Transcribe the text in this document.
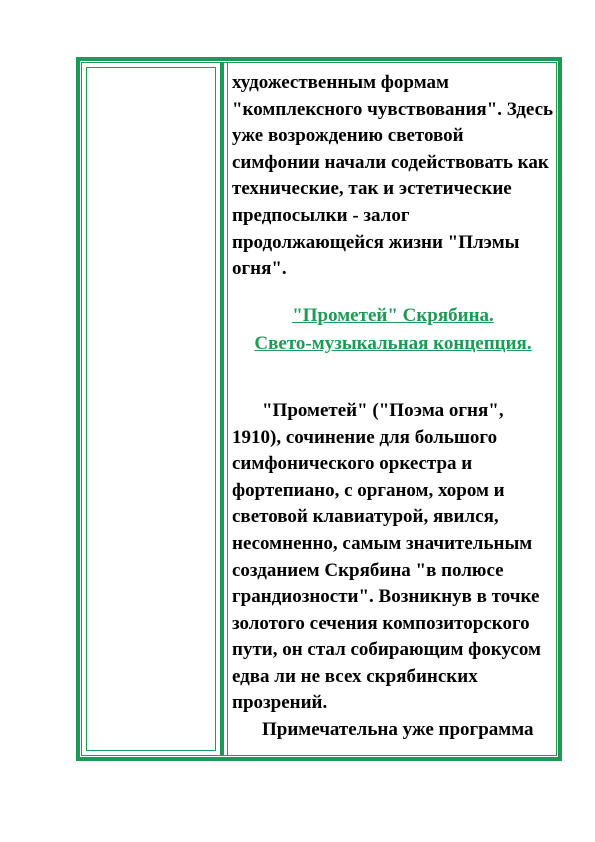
художественным формам "комплексного чувствования". Здесь уже возрождению световой симфонии начали содействовать как технические, так и эстетические предпосылки - залог продолжающейся жизни "Плэмы огня".

"Прометей" Скрябина.

Свето-музыкальная концепция.

"Прометей" ("Поэма огня", 1910), сочинение для большого симфонического оркестра и фортепиано, с органом, хором и световой клавиатурой, явился, несомненно, самым значительным созданием Скрябина "в полюсе грандиозности". Возникнув в точке золотого сечения композиторского пути, он стал собирающим фокусом едва ли не всех скрябинских прозрений.

Примечательна уже программа
